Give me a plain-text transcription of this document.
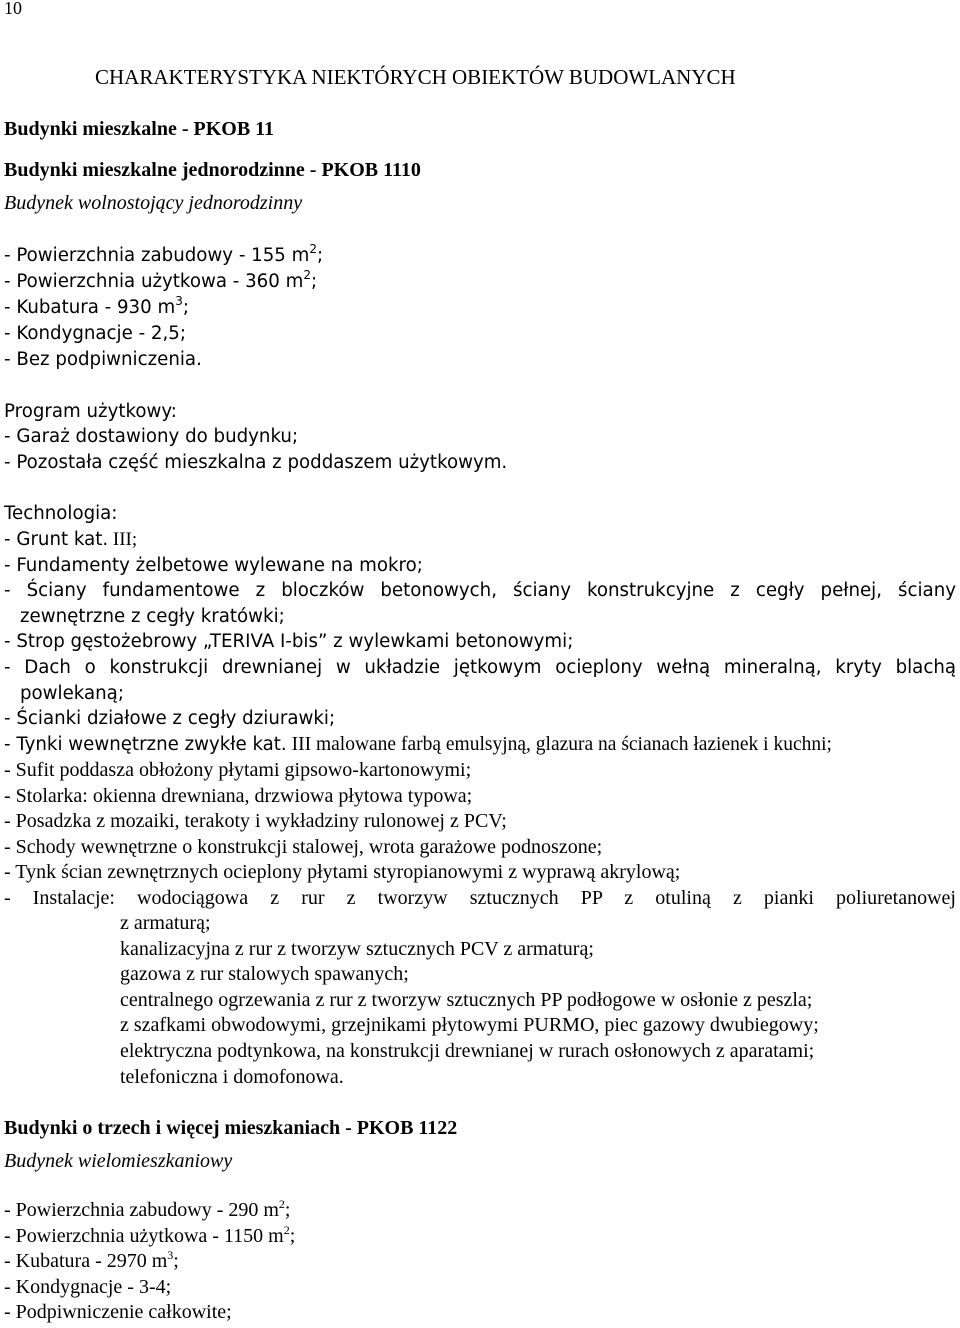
10
CHARAKTERYSTYKA NIEKTÓRYCH OBIEKTÓW BUDOWLANYCH
Budynki mieszkalne - PKOB 11
Budynki mieszkalne jednorodzinne - PKOB 1110
Budynek wolnostojący jednorodzinny
- Powierzchnia zabudowy - 155 $m^2$;
- Powierzchnia użytkowa - 360 $m^2$;
- Kubatura - 930 $m^3$;
- Kondygnacje - 2,5;
- Bez podpiwniczenia.
Program użytkowy:
- Garaż dostawiony do budynku;
- Pozostała część mieszkalna z poddaszem użytkowym.
Technologia:
- Grunt kat. III;
- Fundamenty żelbetowe wylewane na mokro;
- Ściany fundamentowe z bloczków betonowych, ściany konstrukcyjne z cegły pełnej, ściany
zewnętrzne z cegły kratówki;
- Strop gęstożebrowy „TERIVA I-bis” z wylewkami betonowymi;
- Dach o konstrukcji drewnianej w układzie jętkowym ocieplony wełną mineralną, kryty blachą
powlekaną;
- Ścianki działowe z cegły dziurawki;
- Tynki wewnętrzne zwykłe kat. III malowane farbą emulsyjną, glazura na ścianach łazienek i kuchni;
- Sufit poddasza obłożony płytami gipsowo-kartonowymi;
- Stolarka: okienna drewniana, drzwiowa płytowa typowa;
- Posadzka z mozaiki, terakoty i wykładziny rulonowej z PCV;
- Schody wewnętrzne o konstrukcji stalowej, wrota garażowe podnoszone;
- Tynk ścian zewnętrznych ocieplony płytami styropianowymi z wyprawą akrylową;
- Instalacje: wodociągowa z rur z tworzyw sztucznych PP z otuliną z pianki poliuretanowej
z armaturą;
kanalizacyjna z rur z tworzyw sztucznych PCV z armaturą;
gazowa z rur stalowych spawanych;
centralnego ogrzewania z rur z tworzyw sztucznych PP podłogowe w osłonie z peszla;
z szafkami obwodowymi, grzejnikami płytowymi PURMO, piec gazowy dwubiegowy;
elektryczna podtynkowa, na konstrukcji drewnianej w rurach osłonowych z aparatami;
telefoniczna i domofonowa.
Budynki o trzech i więcej mieszkaniach - PKOB 1122
Budynek wielomieszkaniowy
- Powierzchnia zabudowy - 290 $m^2$;
- Powierzchnia użytkowa - 1150 $m^2$;
- Kubatura - 2970 $m^3$;
- Kondygnacje - 3-4;
- Podpiwniczenie całkowite;
